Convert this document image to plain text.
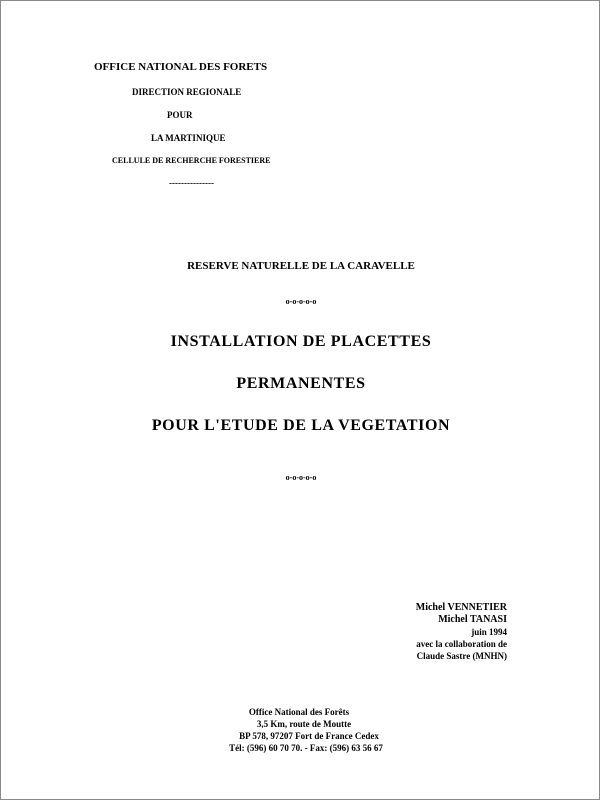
OFFICE NATIONAL DES FORETS
DIRECTION REGIONALE
POUR
LA MARTINIQUE
CELLULE DE RECHERCHE FORESTIERE
---------------
RESERVE NATURELLE DE LA CARAVELLE
o-o-o-o-o
INSTALLATION DE PLACETTES
PERMANENTES
POUR L'ETUDE DE LA VEGETATION
o-o-o-o-o
Michel VENNETIER
Michel TANASI
juin 1994
avec la collaboration de
Claude Sastre (MNHN)
Office National des Forêts
3,5 Km, route de Moutte
BP 578, 97207 Fort de France Cedex
Tél: (596) 60 70 70. - Fax: (596) 63 56 67
